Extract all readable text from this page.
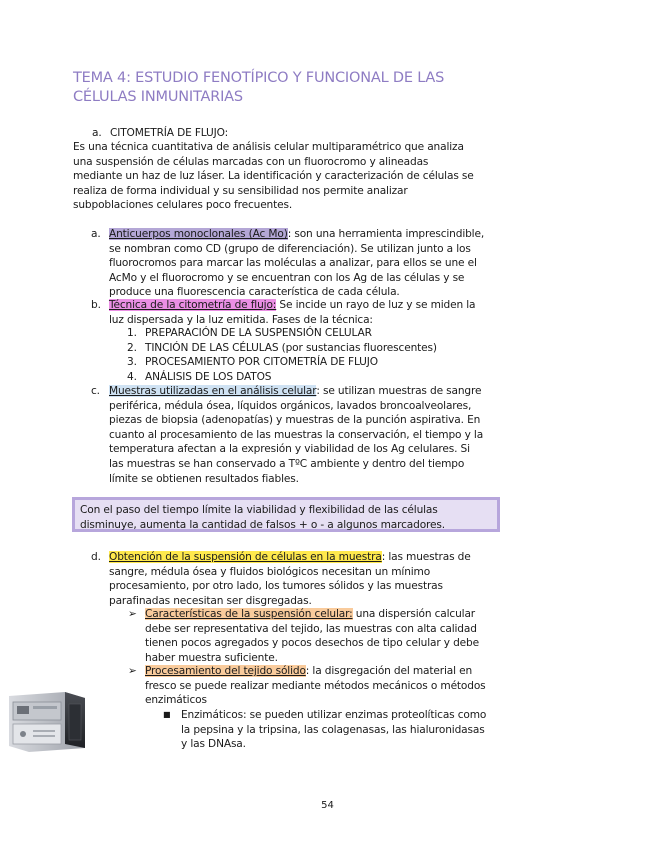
TEMA 4: ESTUDIO FENOTÍPICO Y FUNCIONAL DE LAS
CÉLULAS INMUNITARIAS
a. CITOMETRÍA DE FLUJO:
Es una técnica cuantitativa de análisis celular multiparamétrico que analiza
una suspensión de células marcadas con un fluorocromo y alineadas
mediante un haz de luz láser. La identificación y caracterización de células se
realiza de forma individual y su sensibilidad nos permite analizar
subpoblaciones celulares poco frecuentes.
a. Anticuerpos monoclonales (Ac Mo): son una herramienta imprescindible,
se nombran como CD (grupo de diferenciación). Se utilizan junto a los
fluorocromos para marcar las moléculas a analizar, para ellos se une el
AcMo y el fluorocromo y se encuentran con los Ag de las células y se
produce una fluorescencia característica de cada célula.
b. Técnica de la citometría de flujo: Se incide un rayo de luz y se miden la
luz dispersada y la luz emitida. Fases de la técnica:
1. PREPARACIÓN DE LA SUSPENSIÓN CELULAR
2. TINCIÓN DE LAS CÉLULAS (por sustancias fluorescentes)
3. PROCESAMIENTO POR CITOMETRÍA DE FLUJO
4. ANÁLISIS DE LOS DATOS
c. Muestras utilizadas en el análisis celular: se utilizan muestras de sangre
periférica, médula ósea, líquidos orgánicos, lavados broncoalveolares,
piezas de biopsia (adenopatías) y muestras de la punción aspirativa. En
cuanto al procesamiento de las muestras la conservación, el tiempo y la
temperatura afectan a la expresión y viabilidad de los Ag celulares. Si
las muestras se han conservado a TºC ambiente y dentro del tiempo
límite se obtienen resultados fiables.
Con el paso del tiempo límite la viabilidad y flexibilidad de las células
disminuye, aumenta la cantidad de falsos + o - a algunos marcadores.
d. Obtención de la suspensión de células en la muestra: las muestras de
sangre, médula ósea y fluidos biológicos necesitan un mínimo
procesamiento, por otro lado, los tumores sólidos y las muestras
parafinadas necesitan ser disgregadas.
➢ Características de la suspensión celular: una dispersión calcular
debe ser representativa del tejido, las muestras con alta calidad
tienen pocos agregados y pocos desechos de tipo celular y debe
haber muestra suficiente.
➢ Procesamiento del tejido sólido: la disgregación del material en
fresco se puede realizar mediante métodos mecánicos o métodos
enzimáticos
■ Enzimáticos: se pueden utilizar enzimas proteolíticas como
la pepsina y la tripsina, las colagenasas, las hialuronidasas
y las DNAsa.
54
